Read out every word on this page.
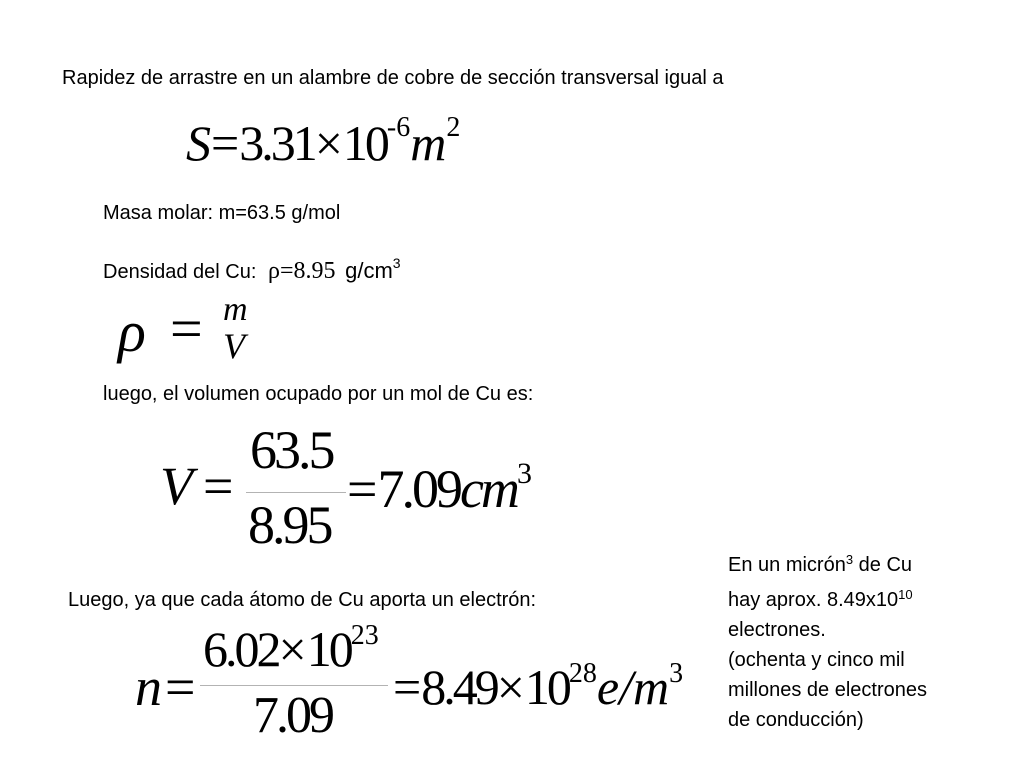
Rapidez de arrastre en un alambre de cobre de sección transversal igual a
$S=3.31\times 10^{-6}m^2$
Masa molar: m=63.5 g/mol
Densidad del Cu: ρ=8.95 $g/cm^3$
ρ = m
V
luego, el volumen ocupado por un mol de Cu es:
V =
63.5
8.95
$=7.09cm^3$
Luego, ya que cada átomo de Cu aporta un electrón:
n =
$6.02\times 10^{23}$
$7.09 =8.49\times 10^{28}e/m^3$
En un micrón$^3$ de Cu
hay aprox. $8.49x10^{10}$
electrones.
(ochenta y cinco mil
millones de electrones
de conducción)
